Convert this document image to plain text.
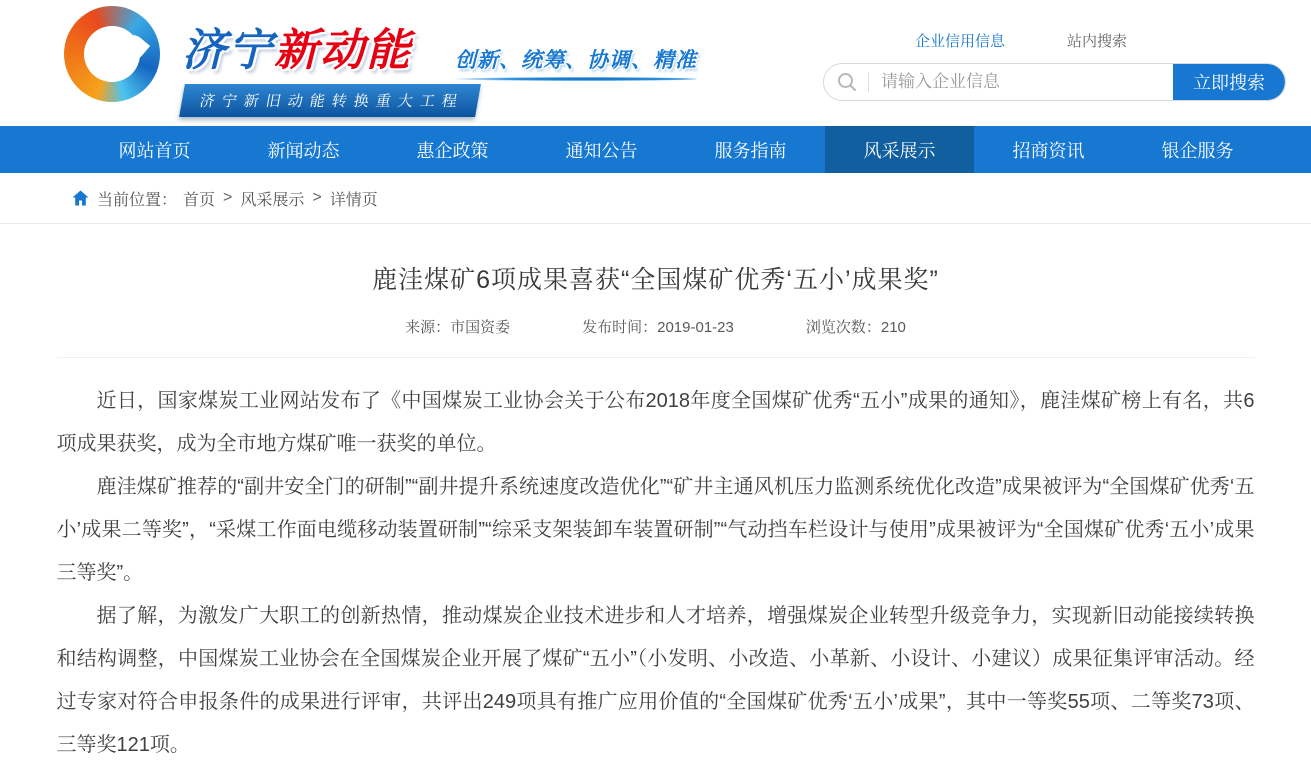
济宁新动能
济宁新旧动能转换重大工程
创新、统筹、协调、精准
企业信用信息	站内搜索
请输入企业信息
立即搜索
网站首页	新闻动态	惠企政策	通知公告	服务指南	风采展示	招商资讯	银企服务
当前位置： 首页 > 风采展示 > 详情页
鹿洼煤矿6项成果喜获“全国煤矿优秀‘五小’成果奖”
来源：市国资委	发布时间：2019-01-23	浏览次数：210

近日，国家煤炭工业网站发布了《中国煤炭工业协会关于公布2018年度全国煤矿优秀“五小”成果的通知》，鹿洼煤矿榜上有名，共6项成果获奖，成为全市地方煤矿唯一获奖的单位。

鹿洼煤矿推荐的“副井安全门的研制”“副井提升系统速度改造优化”“矿井主通风机压力监测系统优化改造”成果被评为“全国煤矿优秀‘五小’成果二等奖”，“采煤工作面电缆移动装置研制”“综采支架装卸车装置研制”“气动挡车栏设计与使用”成果被评为“全国煤矿优秀‘五小’成果三等奖”。

据了解，为激发广大职工的创新热情，推动煤炭企业技术进步和人才培养，增强煤炭企业转型升级竞争力，实现新旧动能接续转换和结构调整，中国煤炭工业协会在全国煤炭企业开展了煤矿“五小”（小发明、小改造、小革新、小设计、小建议）成果征集评审活动。经过专家对符合申报条件的成果进行评审，共评出249项具有推广应用价值的“全国煤矿优秀‘五小’成果”，其中一等奖55项、二等奖73项、三等奖121项。
